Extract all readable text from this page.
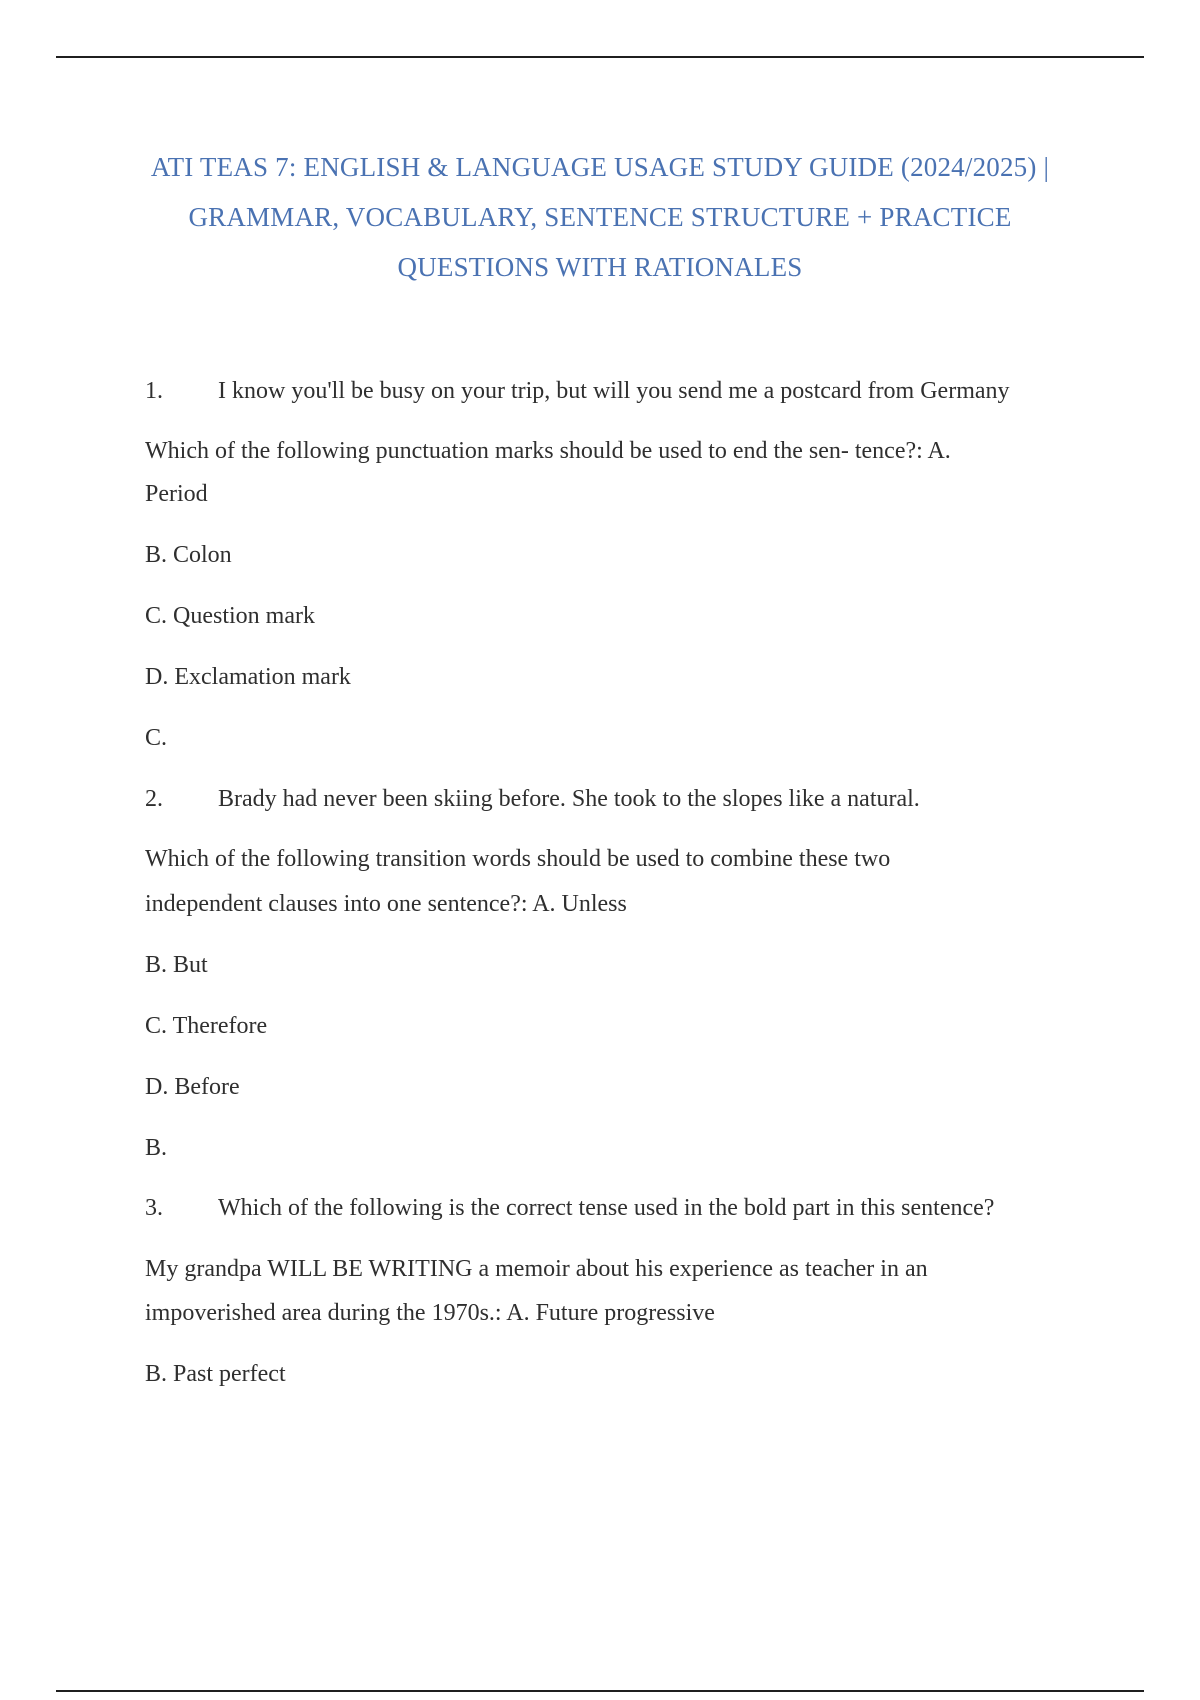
ATI TEAS 7: ENGLISH & LANGUAGE USAGE STUDY GUIDE (2024/2025) |
GRAMMAR, VOCABULARY, SENTENCE STRUCTURE + PRACTICE
QUESTIONS WITH RATIONALES
1. I know you'll be busy on your trip, but will you send me a postcard from Germany
Which of the following punctuation marks should be used to end the sen- tence?: A.
Period
B. Colon
C. Question mark
D. Exclamation mark
C.
2. Brady had never been skiing before. She took to the slopes like a natural.
Which of the following transition words should be used to combine these two
independent clauses into one sentence?: A. Unless
B. But
C. Therefore
D. Before
B.
3. Which of the following is the correct tense used in the bold part in this sentence?
My grandpa WILL BE WRITING a memoir about his experience as teacher in an
impoverished area during the 1970s.: A. Future progressive
B. Past perfect
